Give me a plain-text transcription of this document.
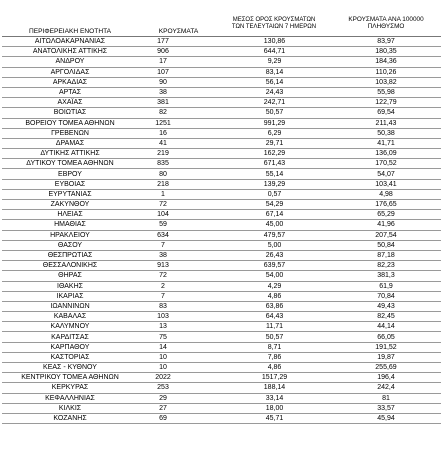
ΠΕΡΙΦΕΡΕΙΑΚΗ ΕΝΟΤΗΤΑ	ΚΡΟΥΣΜΑΤΑ
ΜΕΣΟΣ ΟΡΟΣ ΚΡΟΥΣΜΑΤΩΝ
ΤΩΝ ΤΕΛΕΥΤΑΙΩΝ 7 ΗΜΕΡΩΝ
ΚΡΟΥΣΜΑΤΑ ΑΝΑ 100000
ΠΛΗΘΥΣΜΟ
ΑΙΤΩΛΟΑΚΑΡΝΑΝΙΑΣ	177	130,86	83,97
ΑΝΑΤΟΛΙΚΗΣ ΑΤΤΙΚΗΣ	906	644,71	180,35
ΑΝΔΡΟΥ	17	9,29	184,36
ΑΡΓΟΛΙΔΑΣ	107	83,14	110,26
ΑΡΚΑΔΙΑΣ	90	56,14	103,82
ΑΡΤΑΣ	38	24,43	55,98
ΑΧΑΪΑΣ	381	242,71	122,79
ΒΟΙΩΤΙΑΣ	82	50,57	69,54
ΒΟΡΕΙΟΥ ΤΟΜΕΑ ΑΘΗΝΩΝ	1251	991,29	211,43
ΓΡΕΒΕΝΩΝ	16	6,29	50,38
ΔΡΑΜΑΣ	41	29,71	41,71
ΔΥΤΙΚΗΣ ΑΤΤΙΚΗΣ	219	162,29	136,09
ΔΥΤΙΚΟΥ ΤΟΜΕΑ ΑΘΗΝΩΝ	835	671,43	170,52
ΕΒΡΟΥ	80	55,14	54,07
ΕΥΒΟΙΑΣ	218	139,29	103,41
ΕΥΡΥΤΑΝΙΑΣ	1	0,57	4,98
ΖΑΚΥΝΘΟΥ	72	54,29	176,65
ΗΛΕΙΑΣ	104	67,14	65,29
ΗΜΑΘΙΑΣ	59	45,00	41,96
ΗΡΑΚΛΕΙΟΥ	634	479,57	207,54
ΘΑΣΟΥ	7	5,00	50,84
ΘΕΣΠΡΩΤΙΑΣ	38	26,43	87,18
ΘΕΣΣΑΛΟΝΙΚΗΣ	913	639,57	82,23
ΘΗΡΑΣ	72	54,00	381,3
ΙΘΑΚΗΣ	2	4,29	61,9
ΙΚΑΡΙΑΣ	7	4,86	70,84
ΙΩΑΝΝΙΝΩΝ	83	63,86	49,43
ΚΑΒΑΛΑΣ	103	64,43	82,45
ΚΑΛΥΜΝΟΥ	13	11,71	44,14
ΚΑΡΔΙΤΣΑΣ	75	50,57	66,05
ΚΑΡΠΑΘΟΥ	14	8,71	191,52
ΚΑΣΤΟΡΙΑΣ	10	7,86	19,87
ΚΕΑΣ - ΚΥΘΝΟΥ	10	4,86	255,69
ΚΕΝΤΡΙΚΟΥ ΤΟΜΕΑ ΑΘΗΝΩΝ	2022	1517,29	196,4
ΚΕΡΚΥΡΑΣ	253	188,14	242,4
ΚΕΦΑΛΛΗΝΙΑΣ	29	33,14	81
ΚΙΛΚΙΣ	27	18,00	33,57
ΚΟΖΑΝΗΣ	69	45,71	45,94
